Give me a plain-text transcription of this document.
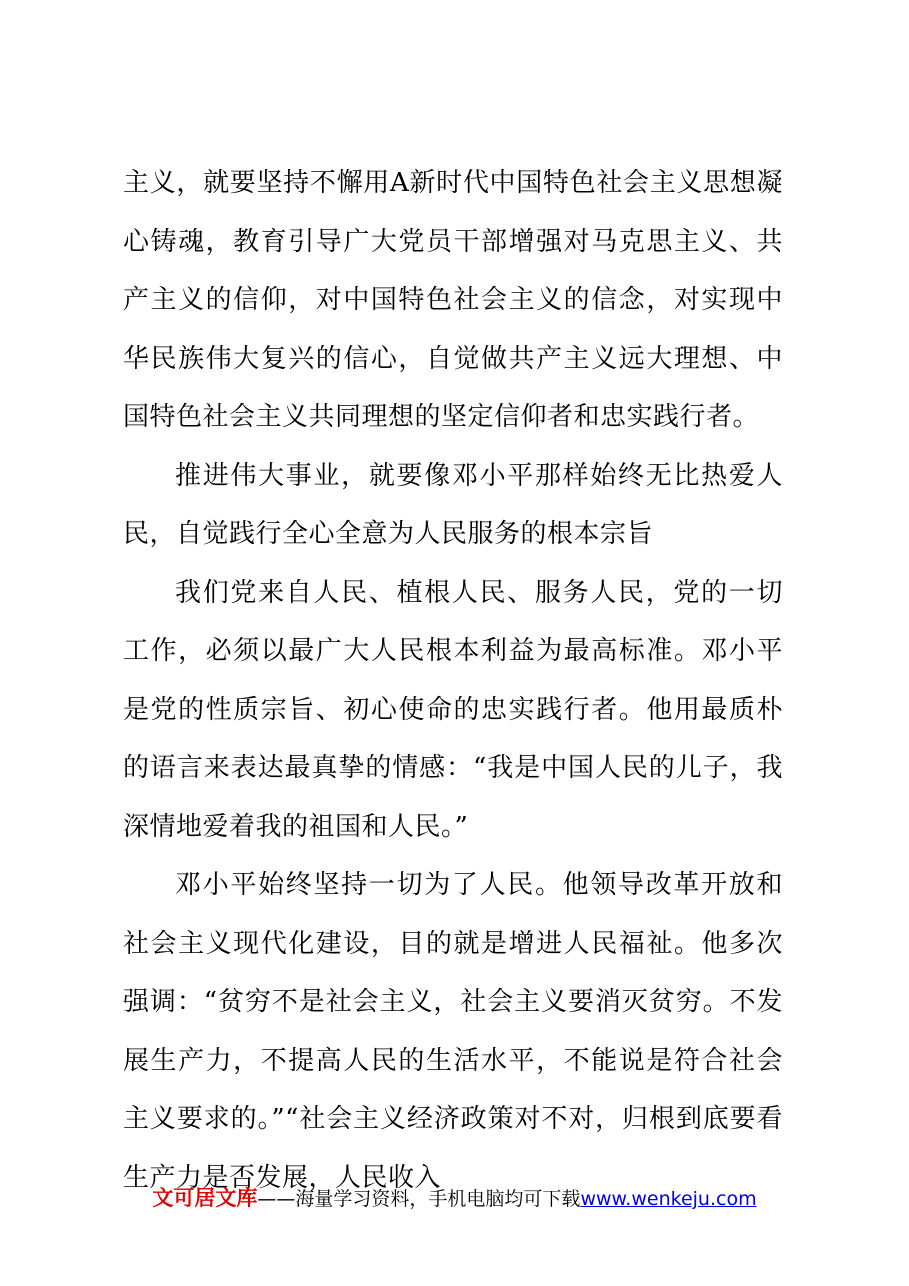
主义，就要坚持不懈用A新时代中国特色社会主义思想凝心铸魂，教育引导广大党员干部增强对马克思主义、共产主义的信仰，对中国特色社会主义的信念，对实现中华民族伟大复兴的信心，自觉做共产主义远大理想、中国特色社会主义共同理想的坚定信仰者和忠实践行者。

推进伟大事业，就要像邓小平那样始终无比热爱人民，自觉践行全心全意为人民服务的根本宗旨

我们党来自人民、植根人民、服务人民，党的一切工作，必须以最广大人民根本利益为最高标准。邓小平是党的性质宗旨、初心使命的忠实践行者。他用最质朴的语言来表达最真挚的情感：“我是中国人民的儿子，我深情地爱着我的祖国和人民。”

邓小平始终坚持一切为了人民。他领导改革开放和社会主义现代化建设，目的就是增进人民福祉。他多次强调：“贫穷不是社会主义，社会主义要消灭贫穷。不发展生产力，不提高人民的生活水平，不能说是符合社会主义要求的。”“社会主义经济政策对不对，归根到底要看生产力是否发展，人民收入

文可居文库——海量学习资料，手机电脑均可下载www.wenkeju.com
